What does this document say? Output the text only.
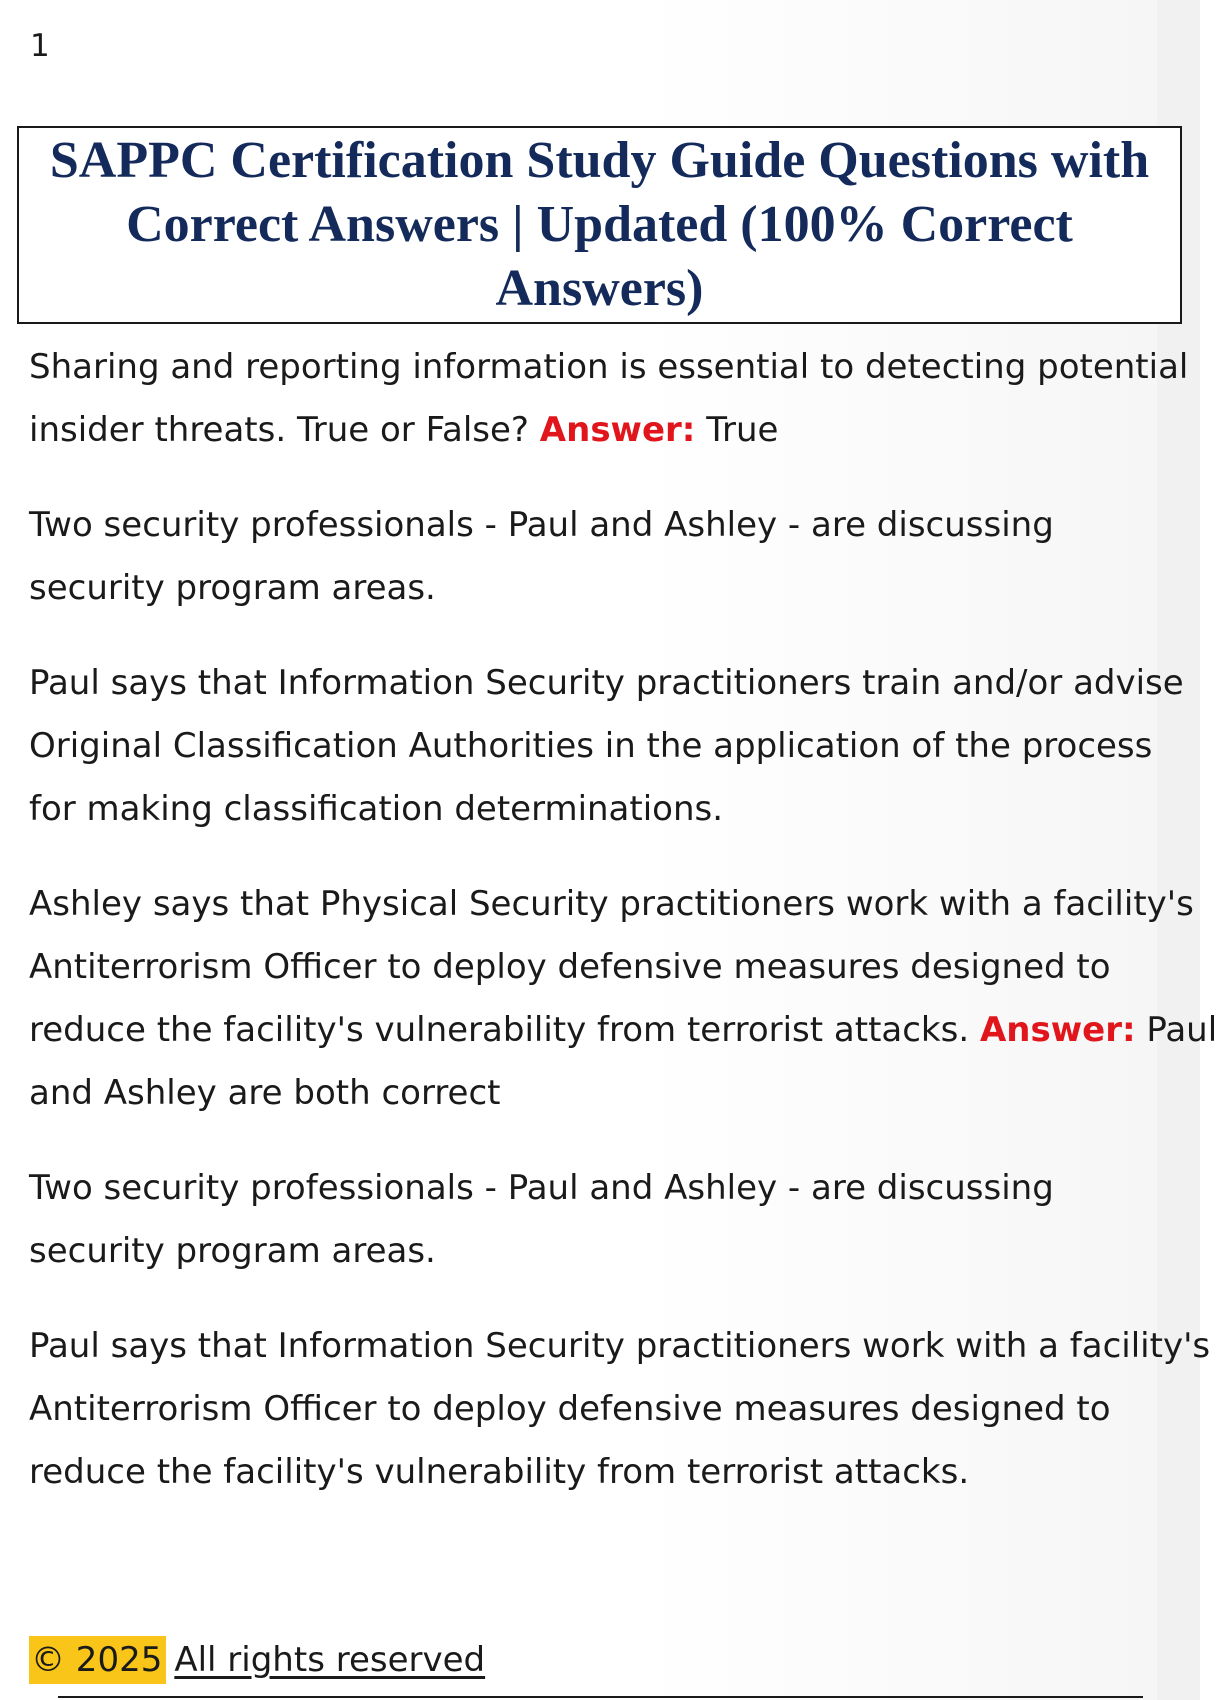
1
SAPPC Certification Study Guide Questions with Correct Answers | Updated (100% Correct Answers)

Sharing and reporting information is essential to detecting potential
insider threats. True or False? Answer: True

Two security professionals - Paul and Ashley - are discussing
security program areas.

Paul says that Information Security practitioners train and/or advise
Original Classification Authorities in the application of the process
for making classification determinations.

Ashley says that Physical Security practitioners work with a facility's
Antiterrorism Officer to deploy defensive measures designed to
reduce the facility's vulnerability from terrorist attacks. Answer: Paul
and Ashley are both correct

Two security professionals - Paul and Ashley - are discussing
security program areas.

Paul says that Information Security practitioners work with a facility's
Antiterrorism Officer to deploy defensive measures designed to
reduce the facility's vulnerability from terrorist attacks.

© 2025 All rights reserved
